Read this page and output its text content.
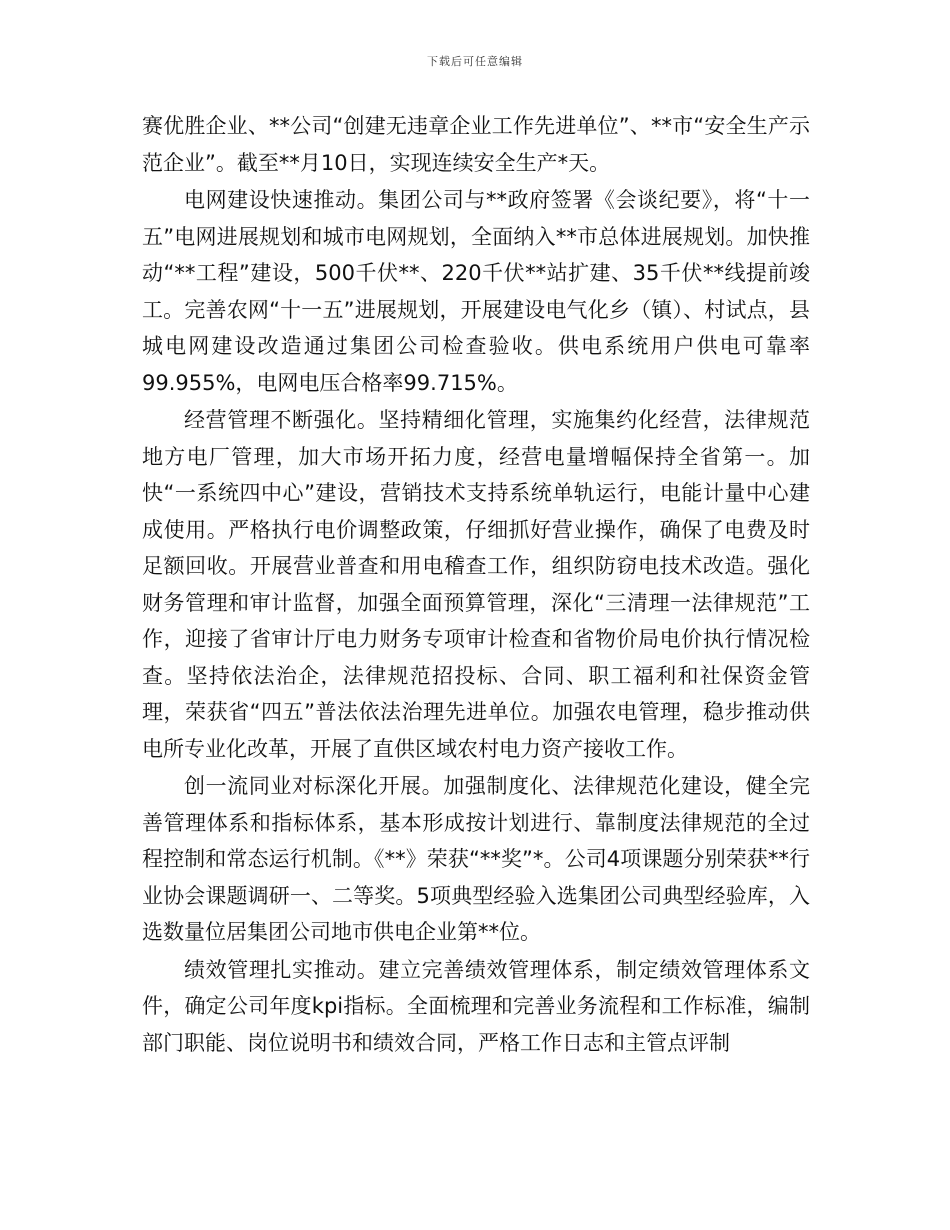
下载后可任意编辑

赛优胜企业、**公司“创建无违章企业工作先进单位”、**市“安全生产示范企业”。截至**月10日，实现连续安全生产*天。

电网建设快速推动。集团公司与**政府签署《会谈纪要》，将“十一五”电网进展规划和城市电网规划，全面纳入**市总体进展规划。加快推动“**工程”建设，500千伏**、220千伏**站扩建、35千伏**线提前竣工。完善农网“十一五”进展规划，开展建设电气化乡（镇）、村试点，县城电网建设改造通过集团公司检查验收。供电系统用户供电可靠率99.955%，电网电压合格率99.715%。

经营管理不断强化。坚持精细化管理，实施集约化经营，法律规范地方电厂管理，加大市场开拓力度，经营电量增幅保持全省第一。加快“一系统四中心”建设，营销技术支持系统单轨运行，电能计量中心建成使用。严格执行电价调整政策，仔细抓好营业操作，确保了电费及时足额回收。开展营业普查和用电稽查工作，组织防窃电技术改造。强化财务管理和审计监督，加强全面预算管理，深化“三清理一法律规范”工作，迎接了省审计厅电力财务专项审计检查和省物价局电价执行情况检查。坚持依法治企，法律规范招投标、合同、职工福利和社保资金管理，荣获省“四五”普法依法治理先进单位。加强农电管理，稳步推动供电所专业化改革，开展了直供区域农村电力资产接收工作。

创一流同业对标深化开展。加强制度化、法律规范化建设，健全完善管理体系和指标体系，基本形成按计划进行、靠制度法律规范的全过程控制和常态运行机制。《**》荣获“**奖”*。公司4项课题分别荣获**行业协会课题调研一、二等奖。5项典型经验入选集团公司典型经验库，入选数量位居集团公司地市供电企业第**位。

绩效管理扎实推动。建立完善绩效管理体系，制定绩效管理体系文件，确定公司年度kpi指标。全面梳理和完善业务流程和工作标准，编制部门职能、岗位说明书和绩效合同，严格工作日志和主管点评制
